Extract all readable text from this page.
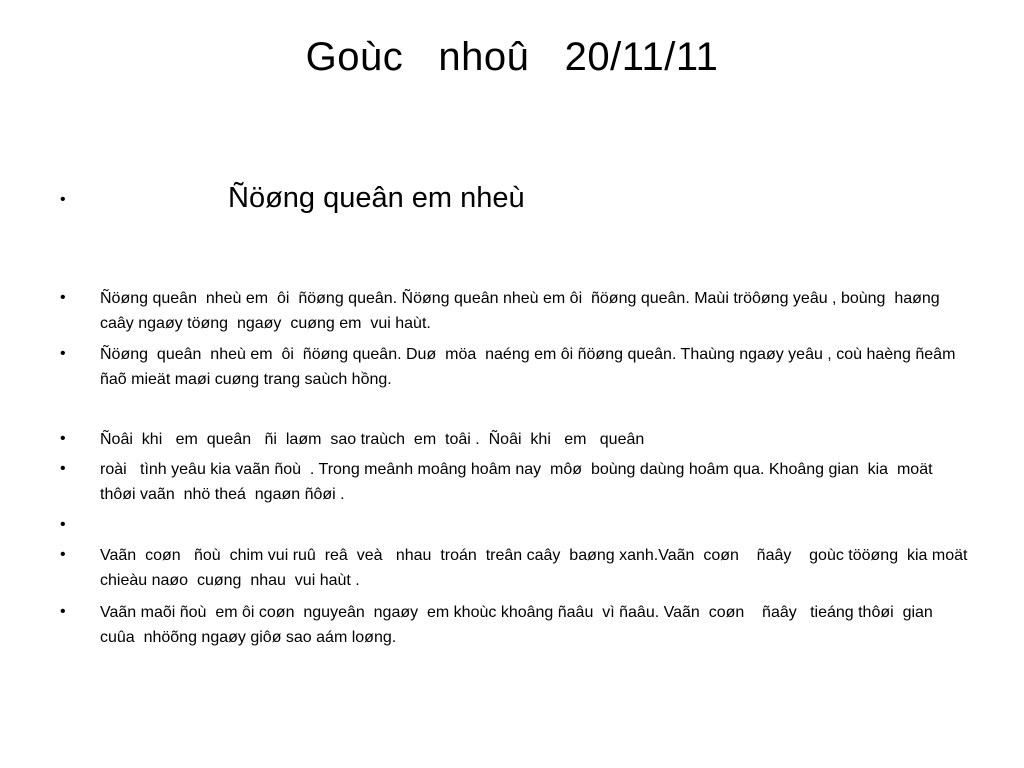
Goùc  nhoû  20/11/11
•	Ñöøng queân em nheù
• Ñöøng queân  nheù em  ôi  ñöøng queân. Ñöøng queân nheù em ôi  ñöøng queân. Maùi tröôøng yeâu , boùng  haøng  caây ngaøy töøng  ngaøy  cuøng em  vui haùt.
• Ñöøng  queân  nheù em  ôi  ñöøng queân. Duø  möa  naéng em ôi ñöøng queân. Thaùng ngaøy yeâu , coù haèng ñeâm ñaõ mieät maøi cuøng trang saùch hồng.
• Ñoâi  khi   em  queân   ñi  laøm  sao traùch  em  toâi .  Ñoâi  khi   em   queân
• roài   tình yeâu kia vaãn ñoù  . Trong meânh moâng hoâm nay  môø  boùng daùng hoâm qua. Khoâng gian  kia  moät thôøi vaãn  nhö theá  ngaøn ñôøi .
•
• Vaãn  coøn   ñoù  chim vui ruû  reâ  veà   nhau  troán  treân caây  baøng xanh.Vaãn  coøn    ñaây    goùc tööøng  kia moät   chieàu naøo  cuøng  nhau  vui haùt .
• Vaãn maõi ñoù  em ôi coøn  nguyeân  ngaøy  em khoùc khoâng ñaâu  vì ñaâu. Vaãn  coøn    ñaây   tieáng thôøi  gian  cuûa  nhöõng ngaøy giôø sao aám loøng.
